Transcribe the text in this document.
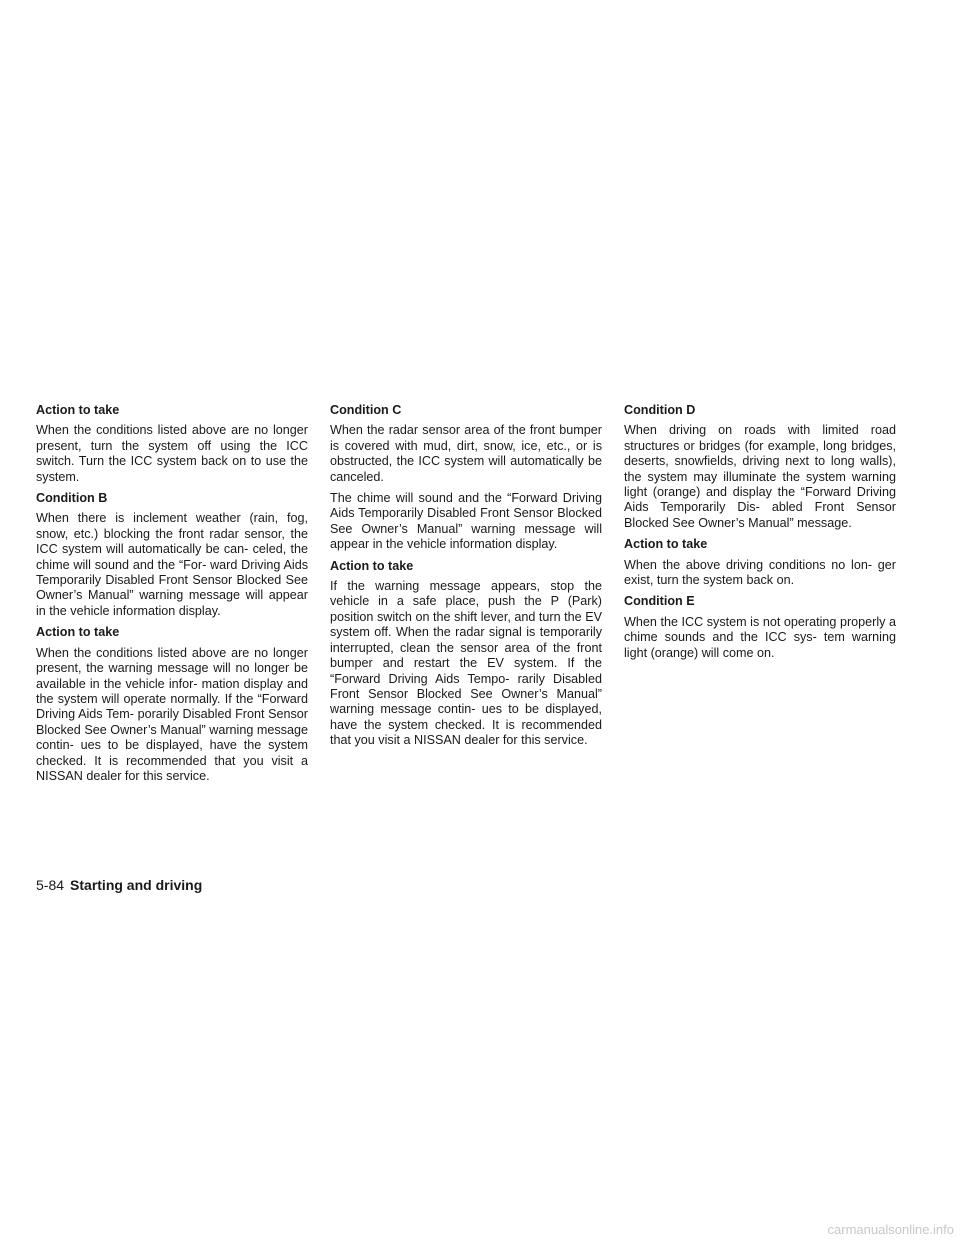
Action to take

When the conditions listed above are no longer present, turn the system off using the ICC switch. Turn the ICC system back on to use the system.

Condition B

When there is inclement weather (rain, fog, snow, etc.) blocking the front radar sensor, the ICC system will automatically be can- celed, the chime will sound and the “For- ward Driving Aids Temporarily Disabled Front Sensor Blocked See Owner’s Manual” warning message will appear in the vehicle information display.

Action to take

When the conditions listed above are no longer present, the warning message will no longer be available in the vehicle infor- mation display and the system will operate normally. If the “Forward Driving Aids Tem- porarily Disabled Front Sensor Blocked See Owner’s Manual” warning message contin- ues to be displayed, have the system checked. It is recommended that you visit a NISSAN dealer for this service.

Condition C

When the radar sensor area of the front bumper is covered with mud, dirt, snow, ice, etc., or is obstructed, the ICC system will automatically be canceled.

The chime will sound and the “Forward Driving Aids Temporarily Disabled Front Sensor Blocked See Owner’s Manual” warning message will appear in the vehicle information display.

Action to take

If the warning message appears, stop the vehicle in a safe place, push the P (Park) position switch on the shift lever, and turn the EV system off. When the radar signal is temporarily interrupted, clean the sensor area of the front bumper and restart the EV system. If the “Forward Driving Aids Tempo- rarily Disabled Front Sensor Blocked See Owner’s Manual” warning message contin- ues to be displayed, have the system checked. It is recommended that you visit a NISSAN dealer for this service.

Condition D

When driving on roads with limited road structures or bridges (for example, long bridges, deserts, snowfields, driving next to long walls), the system may illuminate the system warning light (orange) and display the “Forward Driving Aids Temporarily Dis- abled Front Sensor Blocked See Owner’s Manual” message.

Action to take

When the above driving conditions no lon- ger exist, turn the system back on.

Condition E

When the ICC system is not operating properly a chime sounds and the ICC sys- tem warning light (orange) will come on.

5-84 Starting and driving
carmanualsonline.info
